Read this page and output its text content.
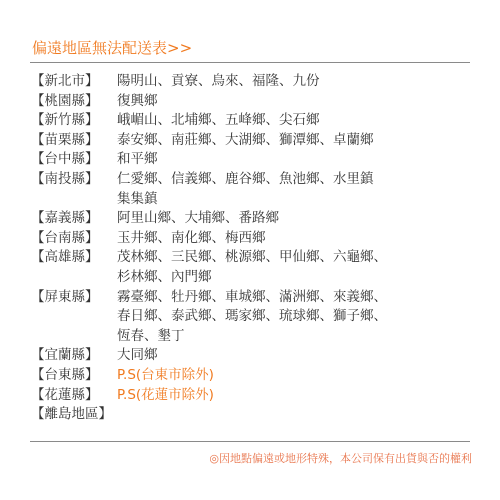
偏遠地區無法配送表>>
【新北市】	陽明山、貢寮、烏來、福隆、九份
【桃園縣】	復興鄉
【新竹縣】	峨嵋山、北埔鄉、五峰鄉、尖石鄉
【苗栗縣】	泰安鄉、南莊鄉、大湖鄉、獅潭鄉、卓蘭鄉
【台中縣】	和平鄉
【南投縣】	仁愛鄉、信義鄉、鹿谷鄉、魚池鄉、水里鎮
集集鎮
【嘉義縣】	阿里山鄉、大埔鄉、番路鄉
【台南縣】	玉井鄉、南化鄉、梅西鄉
【高雄縣】	茂林鄉、三民鄉、桃源鄉、甲仙鄉、六龜鄉、
杉林鄉、內門鄉
【屏東縣】	霧臺鄉、牡丹鄉、車城鄉、滿洲鄉、來義鄉、
春日鄉、泰武鄉、瑪家鄉、琉球鄉、獅子鄉、
恆春、墾丁
【宜蘭縣】	大同鄉
【台東縣】	P.S(台東市除外)
【花蓮縣】	P.S(花蓮市除外)
【離島地區】
◎因地點偏遠或地形特殊，本公司保有出貨與否的權利
